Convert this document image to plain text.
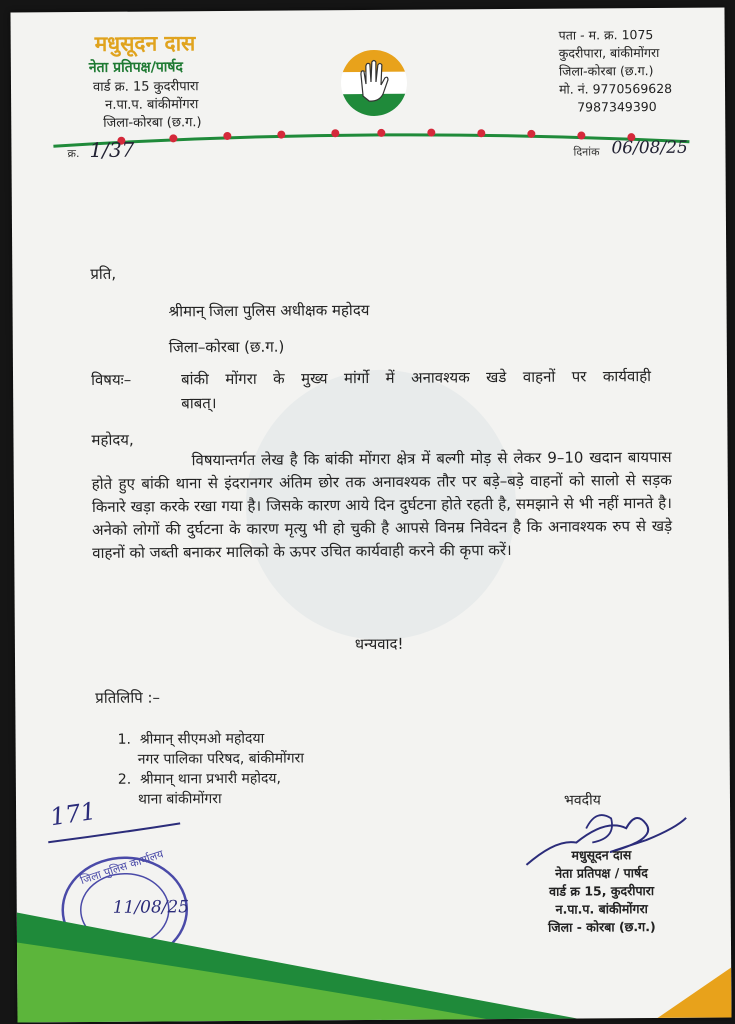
मधुसूदन दास
नेता प्रतिपक्ष/पार्षद
वार्ड क्र. 15 कुदरीपारा
न.पा.प. बांकीमोंगरा
जिला-कोरबा (छ.ग.)
पता - म. क्र. 1075
कुदरीपारा, बांकीमोंगरा
जिला-कोरबा (छ.ग.)
मो. नं. 9770569628
7987349390
क्र. 1/37	दिनांक 06/08/25
प्रति,
श्रीमान् जिला पुलिस अधीक्षक महोदय
जिला–कोरबा (छ.ग.)
विषयः–	बांकी मोंगरा के मुख्य मांर्गो में अनावश्यक खडे वाहनों पर कार्यवाही
बाबत्।
महोदय,
विषयान्तर्गत लेख है कि बांकी मोंगरा क्षेत्र में बल्गी मोड़ से लेकर 9–10 खदान बायपास होते हुए बांकी थाना से इंदरानगर अंतिम छोर तक अनावश्यक तौर पर बड़े–बड़े वाहनों को सालो से सड़क किनारे खड़ा करके रखा गया है। जिसके कारण आये दिन दुर्घटना होते रहती है, समझाने से भी नहीं मानते है। अनेको लोगों की दुर्घटना के कारण मृत्यु भी हो चुकी है आपसे विनम्र निवेदन है कि अनावश्यक रुप से खड़े वाहनों को जब्ती बनाकर मालिको के ऊपर उचित कार्यवाही करने की कृपा करें।
धन्यवाद!
प्रतिलिपि :–
1. श्रीमान् सीएमओ महोदया
नगर पालिका परिषद, बांकीमोंगरा
2. श्रीमान् थाना प्रभारी महोदय,
थाना बांकीमोंगरा	भवदीय
171
मधुसूदन दास
नेता प्रतिपक्ष / पार्षद
वार्ड क्र 15, कुदरीपारा
न.पा.प. बांकीमोंगरा
जिला - कोरबा (छ.ग.)
जिला पुलिस कार्यालय
11/08/25
